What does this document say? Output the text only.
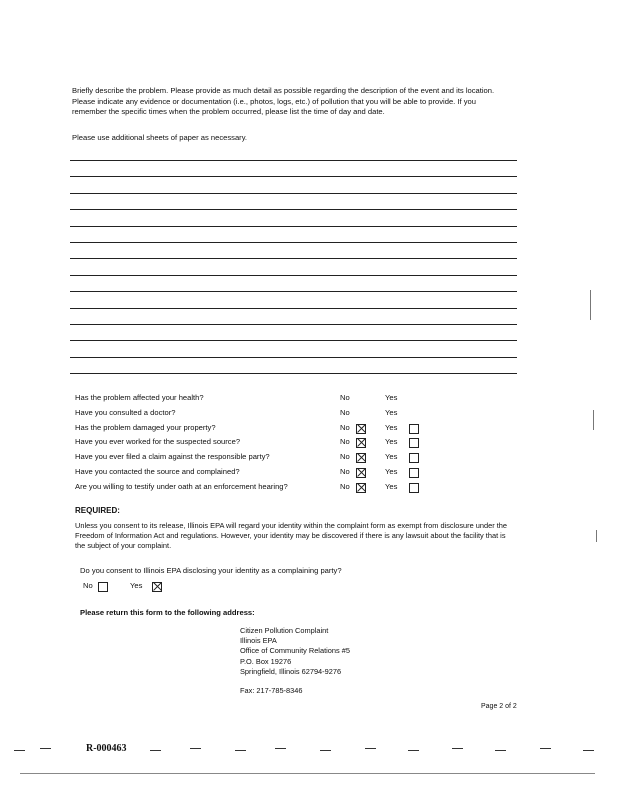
Briefly describe the problem. Please provide as much detail as possible regarding the description of the event and its location. Please indicate any evidence or documentation (i.e., photos, logs, etc.) of pollution that you will be able to provide. If you remember the specific times when the problem occurred, please list the time of day and date.
Please use additional sheets of paper as necessary.
Has the problem affected your health?	No	Yes
Have you consulted a doctor?	No	Yes
Has the problem damaged your property?	No	Yes
Have you ever worked for the suspected source?	No	Yes
Have you ever filed a claim against the responsible party?	No	Yes
Have you contacted the source and complained?	No	Yes
Are you willing to testify under oath at an enforcement hearing?	No	Yes
REQUIRED:
Unless you consent to its release, Illinois EPA will regard your identity within the complaint form as exempt from disclosure under the Freedom of Information Act and regulations. However, your identity may be discovered if there is any lawsuit about the facility that is the subject of your complaint.
Do you consent to Illinois EPA disclosing your identity as a complaining party?
No	Yes
Please return this form to the following address:
Citizen Pollution Complaint
Illinois EPA
Office of Community Relations #5
P.O. Box 19276
Springfield, Illinois 62794-9276
Fax: 217-785-8346
Page 2 of 2
R-000463
